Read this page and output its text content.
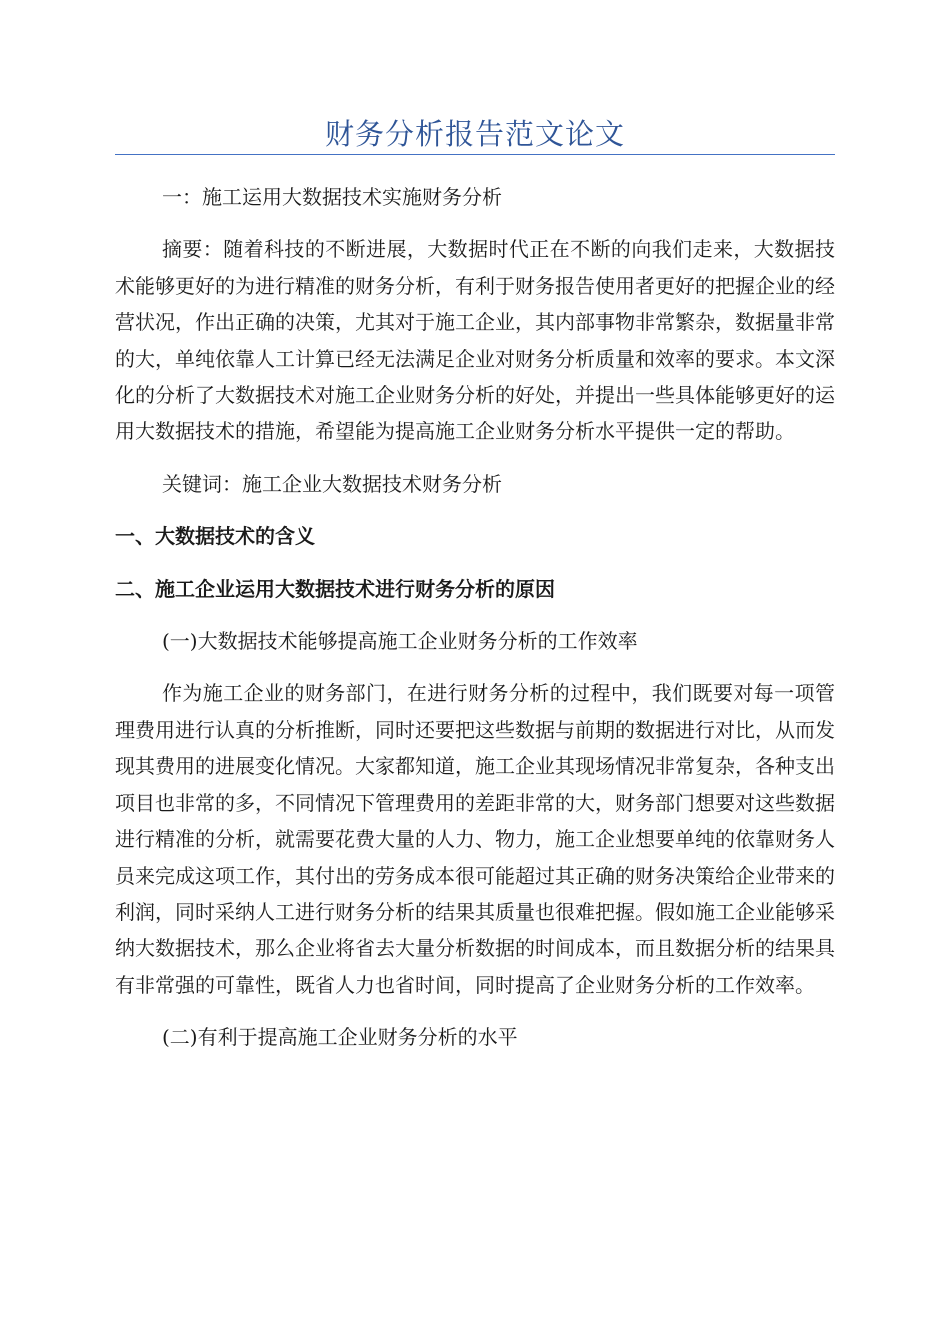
财务分析报告范文论文

一：施工运用大数据技术实施财务分析

摘要：随着科技的不断进展，大数据时代正在不断的向我们走来，大数据技术能够更好的为进行精准的财务分析，有利于财务报告使用者更好的把握企业的经营状况，作出正确的决策，尤其对于施工企业，其内部事物非常繁杂，数据量非常的大，单纯依靠人工计算已经无法满足企业对财务分析质量和效率的要求。本文深化的分析了大数据技术对施工企业财务分析的好处，并提出一些具体能够更好的运用大数据技术的措施，希望能为提高施工企业财务分析水平提供一定的帮助。

关键词：施工企业大数据技术财务分析

一、大数据技术的含义

二、施工企业运用大数据技术进行财务分析的原因

(一)大数据技术能够提高施工企业财务分析的工作效率

作为施工企业的财务部门，在进行财务分析的过程中，我们既要对每一项管理费用进行认真的分析推断，同时还要把这些数据与前期的数据进行对比，从而发现其费用的进展变化情况。大家都知道，施工企业其现场情况非常复杂，各种支出项目也非常的多，不同情况下管理费用的差距非常的大，财务部门想要对这些数据进行精准的分析，就需要花费大量的人力、物力，施工企业想要单纯的依靠财务人员来完成这项工作，其付出的劳务成本很可能超过其正确的财务决策给企业带来的利润，同时采纳人工进行财务分析的结果其质量也很难把握。假如施工企业能够采纳大数据技术，那么企业将省去大量分析数据的时间成本，而且数据分析的结果具有非常强的可靠性，既省人力也省时间，同时提高了企业财务分析的工作效率。

(二)有利于提高施工企业财务分析的水平
